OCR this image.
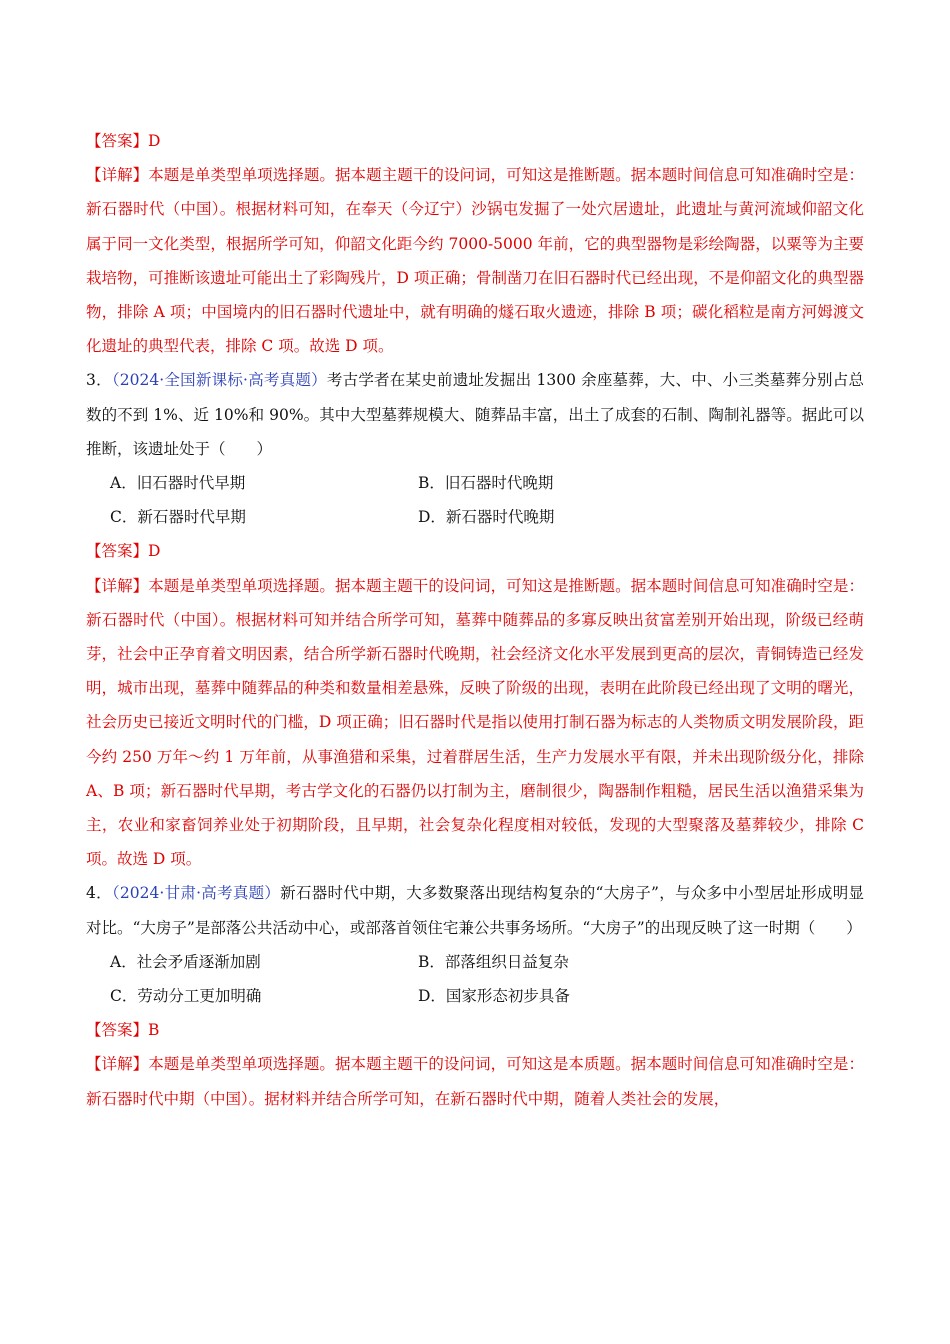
【答案】D

【详解】本题是单类型单项选择题。据本题主题干的设问词，可知这是推断题。据本题时间信息可知准确时空是：新石器时代（中国）。根据材料可知，在奉天（今辽宁）沙锅屯发掘了一处穴居遗址，此遗址与黄河流域仰韶文化属于同一文化类型，根据所学可知，仰韶文化距今约 7000-5000 年前，它的典型器物是彩绘陶器，以粟等为主要栽培物，可推断该遗址可能出土了彩陶残片，D 项正确；骨制凿刀在旧石器时代已经出现，不是仰韶文化的典型器物，排除 A 项；中国境内的旧石器时代遗址中，就有明确的燧石取火遗迹，排除 B 项；碳化稻粒是南方河姆渡文化遗址的典型代表，排除 C 项。故选 D 项。

3．（2024·全国新课标·高考真题）考古学者在某史前遗址发掘出 1300 余座墓葬，大、中、小三类墓葬分别占总数的不到 1%、近 10%和 90%。其中大型墓葬规模大、随葬品丰富，出土了成套的石制、陶制礼器等。据此可以推断，该遗址处于（　　）

A．旧石器时代早期	B．旧石器时代晚期
C．新石器时代早期	D．新石器时代晚期

【答案】D

【详解】本题是单类型单项选择题。据本题主题干的设问词，可知这是推断题。据本题时间信息可知准确时空是：新石器时代（中国）。根据材料可知并结合所学可知，墓葬中随葬品的多寡反映出贫富差别开始出现，阶级已经萌芽，社会中正孕育着文明因素，结合所学新石器时代晚期，社会经济文化水平发展到更高的层次，青铜铸造已经发明，城市出现，墓葬中随葬品的种类和数量相差悬殊，反映了阶级的出现，表明在此阶段已经出现了文明的曙光，社会历史已接近文明时代的门槛，D 项正确；旧石器时代是指以使用打制石器为标志的人类物质文明发展阶段，距今约 250 万年～约 1 万年前，从事渔猎和采集，过着群居生活，生产力发展水平有限，并未出现阶级分化，排除 A、B 项；新石器时代早期，考古学文化的石器仍以打制为主，磨制很少，陶器制作粗糙，居民生活以渔猎采集为主，农业和家畜饲养业处于初期阶段，且早期，社会复杂化程度相对较低，发现的大型聚落及墓葬较少，排除 C 项。故选 D 项。

4．（2024·甘肃·高考真题）新石器时代中期，大多数聚落出现结构复杂的“大房子”，与众多中小型居址形成明显对比。“大房子”是部落公共活动中心，或部落首领住宅兼公共事务场所。“大房子”的出现反映了这一时期（　　）

A．社会矛盾逐渐加剧	B．部落组织日益复杂
C．劳动分工更加明确	D．国家形态初步具备

【答案】B

【详解】本题是单类型单项选择题。据本题主题干的设问词，可知这是本质题。据本题时间信息可知准确时空是：新石器时代中期（中国）。据材料并结合所学可知，在新石器时代中期，随着人类社会的发展，
